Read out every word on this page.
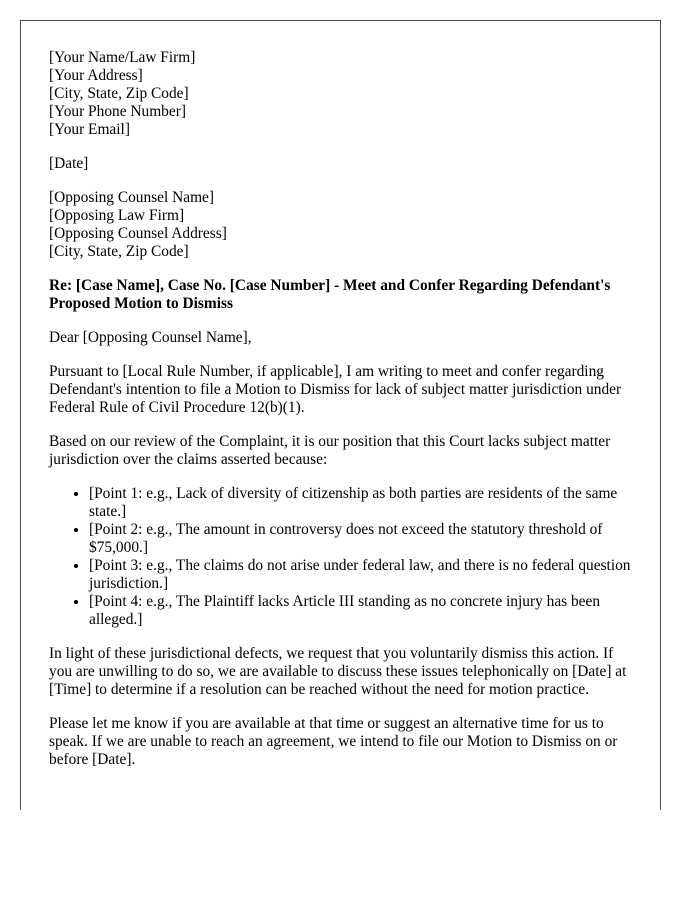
[Your Name/Law Firm]
[Your Address]
[City, State, Zip Code]
[Your Phone Number]
[Your Email]
[Date]
[Opposing Counsel Name]
[Opposing Law Firm]
[Opposing Counsel Address]
[City, State, Zip Code]
Re: [Case Name], Case No. [Case Number] - Meet and Confer Regarding Defendant's Proposed Motion to Dismiss

Dear [Opposing Counsel Name],

Pursuant to [Local Rule Number, if applicable], I am writing to meet and confer regarding Defendant's intention to file a Motion to Dismiss for lack of subject matter jurisdiction under Federal Rule of Civil Procedure 12(b)(1).

Based on our review of the Complaint, it is our position that this Court lacks subject matter jurisdiction over the claims asserted because:

• [Point 1: e.g., Lack of diversity of citizenship as both parties are residents of the same state.]
• [Point 2: e.g., The amount in controversy does not exceed the statutory threshold of $75,000.]
• [Point 3: e.g., The claims do not arise under federal law, and there is no federal question jurisdiction.]
• [Point 4: e.g., The Plaintiff lacks Article III standing as no concrete injury has been alleged.]

In light of these jurisdictional defects, we request that you voluntarily dismiss this action. If you are unwilling to do so, we are available to discuss these issues telephonically on [Date] at [Time] to determine if a resolution can be reached without the need for motion practice.

Please let me know if you are available at that time or suggest an alternative time for us to speak. If we are unable to reach an agreement, we intend to file our Motion to Dismiss on or before [Date].
